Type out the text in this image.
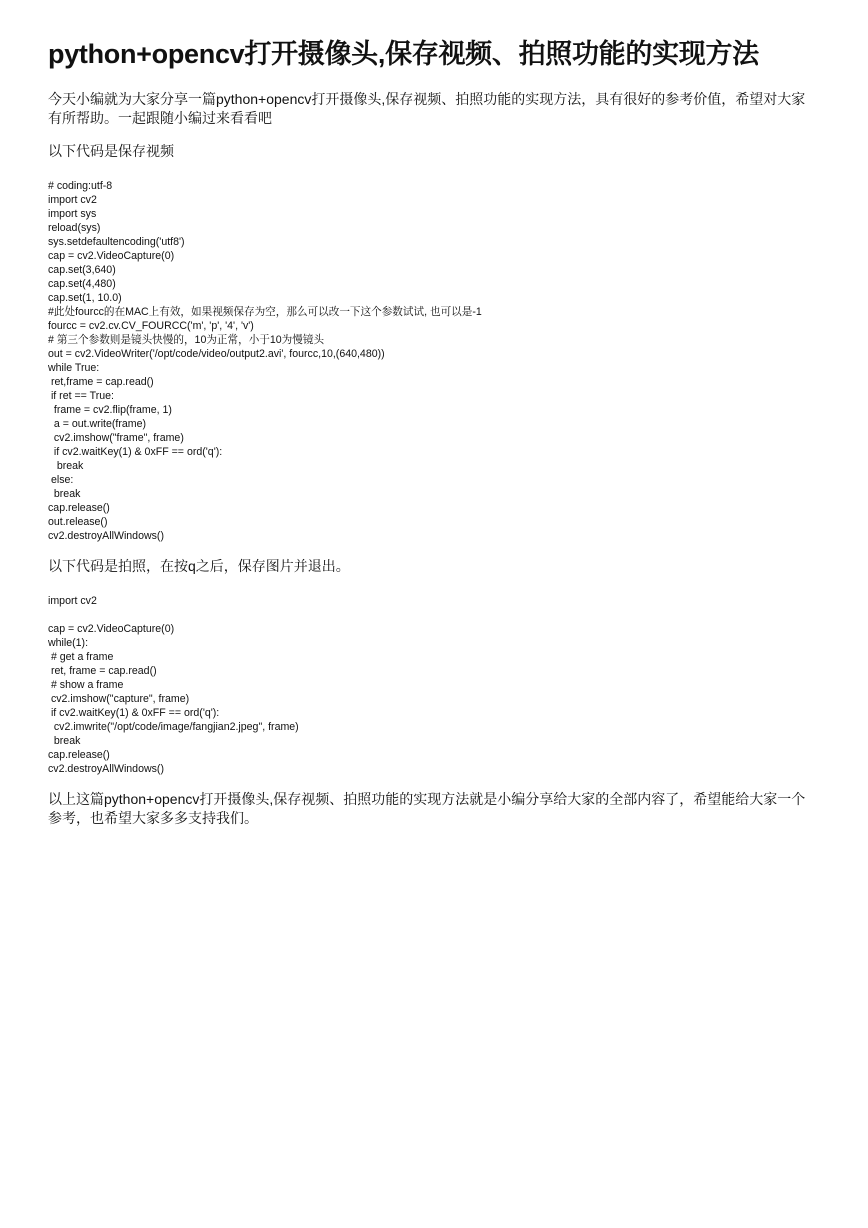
python+opencv打开摄像头,保存视频、拍照功能的实现方法

今天小编就为大家分享一篇python+opencv打开摄像头,保存视频、拍照功能的实现方法，具有很好的参考价值，希望对大家有所帮助。一起跟随小编过来看看吧

以下代码是保存视频

# coding:utf-8
import cv2
import sys
reload(sys)
sys.setdefaultencoding('utf8')
cap = cv2.VideoCapture(0)
cap.set(3,640)
cap.set(4,480)
cap.set(1, 10.0)
#此处fourcc的在MAC上有效，如果视频保存为空，那么可以改一下这个参数试试, 也可以是-1
fourcc = cv2.cv.CV_FOURCC('m', 'p', '4', 'v')
# 第三个参数则是镜头快慢的，10为正常，小于10为慢镜头
out = cv2.VideoWriter('/opt/code/video/output2.avi', fourcc,10,(640,480))
while True:
ret,frame = cap.read()
if ret == True:
frame = cv2.flip(frame, 1)
a = out.write(frame)
cv2.imshow("frame", frame)
if cv2.waitKey(1) & 0xFF == ord('q'):
break
else:
break
cap.release()
out.release()
cv2.destroyAllWindows()

以下代码是拍照，在按q之后，保存图片并退出。

import cv2
cap = cv2.VideoCapture(0)
while(1):
# get a frame
ret, frame = cap.read()
# show a frame
cv2.imshow("capture", frame)
if cv2.waitKey(1) & 0xFF == ord('q'):
cv2.imwrite("/opt/code/image/fangjian2.jpeg", frame)
break
cap.release()
cv2.destroyAllWindows()

以上这篇python+opencv打开摄像头,保存视频、拍照功能的实现方法就是小编分享给大家的全部内容了，希望能给大家一个参考，也希望大家多多支持我们。
